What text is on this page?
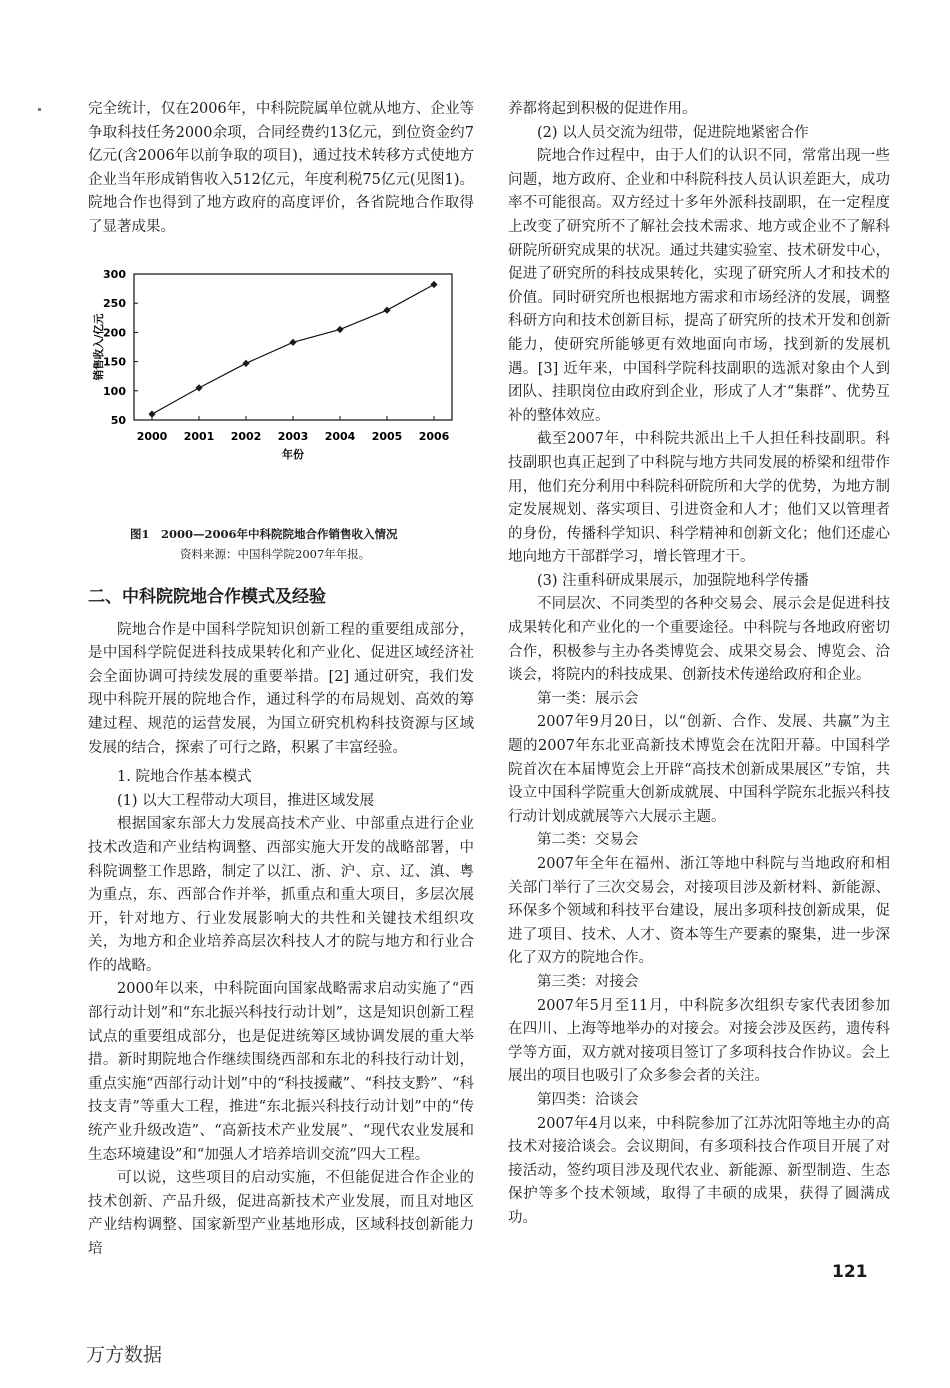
完全统计，仅在2006年，中科院院属单位就从地方、企业等争取科技任务2000余项，合同经费约13亿元，到位资金约7亿元(含2006年以前争取的项目)，通过技术转移方式使地方企业当年形成销售收入512亿元，年度利税75亿元(见图1)。院地合作也得到了地方政府的高度评价，各省院地合作取得了显著成果。

50
100
150
200
250
300
2000 2001 2002 2003 2004 2005 2006
年份
销售收入/亿元

图1　2000—2006年中科院院地合作销售收入情况

资料来源：中国科学院2007年年报。

二、中科院院地合作模式及经验

院地合作是中国科学院知识创新工程的重要组成部分，是中国科学院促进科技成果转化和产业化、促进区域经济社会全面协调可持续发展的重要举措。[2] 通过研究，我们发现中科院开展的院地合作，通过科学的布局规划、高效的筹建过程、规范的运营发展，为国立研究机构科技资源与区域发展的结合，探索了可行之路，积累了丰富经验。

1. 院地合作基本模式

(1) 以大工程带动大项目，推进区域发展

根据国家东部大力发展高技术产业、中部重点进行企业技术改造和产业结构调整、西部实施大开发的战略部署，中科院调整工作思路，制定了以江、浙、沪、京、辽、滇、粤为重点，东、西部合作并举，抓重点和重大项目，多层次展开，针对地方、行业发展影响大的共性和关键技术组织攻关，为地方和企业培养高层次科技人才的院与地方和行业合作的战略。

2000年以来，中科院面向国家战略需求启动实施了“西部行动计划”和“东北振兴科技行动计划”，这是知识创新工程试点的重要组成部分，也是促进统筹区域协调发展的重大举措。新时期院地合作继续围绕西部和东北的科技行动计划，重点实施“西部行动计划”中的“科技援藏”、“科技支黔”、“科技支青”等重大工程，推进“东北振兴科技行动计划”中的“传统产业升级改造”、“高新技术产业发展”、“现代农业发展和生态环境建设”和“加强人才培养培训交流”四大工程。

可以说，这些项目的启动实施，不但能促进合作企业的技术创新、产品升级，促进高新技术产业发展，而且对地区产业结构调整、国家新型产业基地形成，区域科技创新能力培

养都将起到积极的促进作用。

(2) 以人员交流为纽带，促进院地紧密合作

院地合作过程中，由于人们的认识不同，常常出现一些问题，地方政府、企业和中科院科技人员认识差距大，成功率不可能很高。双方经过十多年外派科技副职，在一定程度上改变了研究所不了解社会技术需求、地方或企业不了解科研院所研究成果的状况。通过共建实验室、技术研发中心，促进了研究所的科技成果转化，实现了研究所人才和技术的价值。同时研究所也根据地方需求和市场经济的发展，调整科研方向和技术创新目标，提高了研究所的技术开发和创新能力，使研究所能够更有效地面向市场，找到新的发展机遇。[3] 近年来，中国科学院科技副职的选派对象由个人到团队、挂职岗位由政府到企业，形成了人才“集群”、优势互补的整体效应。

截至2007年，中科院共派出上千人担任科技副职。科技副职也真正起到了中科院与地方共同发展的桥梁和纽带作用，他们充分利用中科院科研院所和大学的优势，为地方制定发展规划、落实项目、引进资金和人才；他们又以管理者的身份，传播科学知识、科学精神和创新文化；他们还虚心地向地方干部群学习，增长管理才干。

(3) 注重科研成果展示，加强院地科学传播

不同层次、不同类型的各种交易会、展示会是促进科技成果转化和产业化的一个重要途径。中科院与各地政府密切合作，积极参与主办各类博览会、成果交易会、博览会、洽谈会，将院内的科技成果、创新技术传递给政府和企业。

第一类：展示会

2007年9月20日，以“创新、合作、发展、共赢”为主题的2007年东北亚高新技术博览会在沈阳开幕。中国科学院首次在本届博览会上开辟“高技术创新成果展区”专馆，共设立中国科学院重大创新成就展、中国科学院东北振兴科技行动计划成就展等六大展示主题。

第二类：交易会

2007年全年在福州、浙江等地中科院与当地政府和相关部门举行了三次交易会，对接项目涉及新材料、新能源、环保多个领域和科技平台建设，展出多项科技创新成果，促进了项目、技术、人才、资本等生产要素的聚集，进一步深化了双方的院地合作。

第三类：对接会

2007年5月至11月，中科院多次组织专家代表团参加在四川、上海等地举办的对接会。对接会涉及医药，遗传科学等方面，双方就对接项目签订了多项科技合作协议。会上展出的项目也吸引了众多参会者的关注。

第四类：洽谈会

2007年4月以来，中科院参加了江苏沈阳等地主办的高技术对接洽谈会。会议期间，有多项科技合作项目开展了对接活动，签约项目涉及现代农业、新能源、新型制造、生态保护等多个技术领域，取得了丰硕的成果，获得了圆满成功。

121
万方数据
